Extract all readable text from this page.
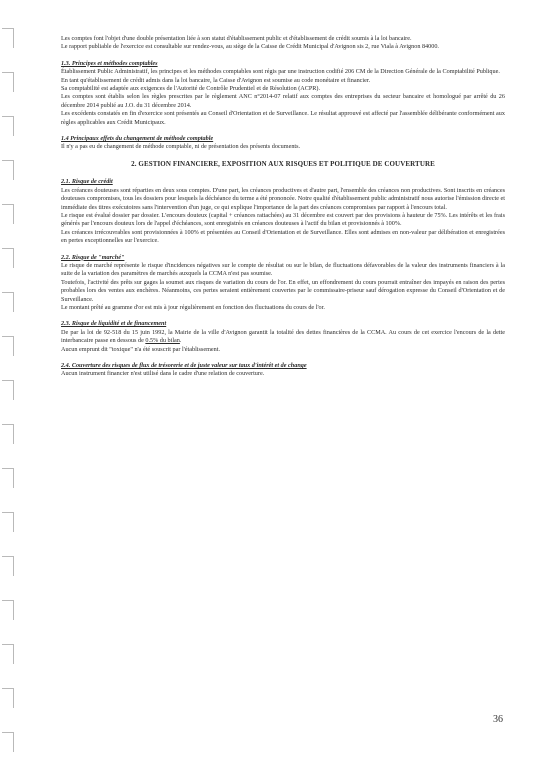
Les comptes font l'objet d'une double présentation liée à son statut d'établissement public et d'établissement de crédit soumis à la loi bancaire.

Le rapport publiable de l'exercice est consultable sur rendez-vous, au siège de la Caisse de Crédit Municipal d'Avignon sis 2, rue Viala à Avignon 84000.

1.3. Principes et méthodes comptables

Établissement Public Administratif, les principes et les méthodes comptables sont régis par une instruction codifié 206 CM de la Direction Générale de la Comptabilité Publique.

En tant qu'établissement de crédit admis dans la loi bancaire, la Caisse d'Avignon est soumise au code monétaire et financier.

Sa comptabilité est adaptée aux exigences de l'Autorité de Contrôle Prudentiel et de Résolution (ACPR).

Les comptes sont établis selon les règles prescrites par le règlement ANC n°2014-07 relatif aux comptes des entreprises du secteur bancaire et homologué par arrêté du 26 décembre 2014 publié au J.O. du 31 décembre 2014.

Les excédents constatés en fin d'exercice sont présentés au Conseil d'Orientation et de Surveillance. Le résultat approuvé est affecté par l'assemblée délibérante conformément aux règles applicables aux Crédit Municipaux.

1.4 Principaux effets du changement de méthode comptable

Il n'y a pas eu de changement de méthode comptable, ni de présentation des présents documents.

2. GESTION FINANCIERE, EXPOSITION AUX RISQUES ET POLITIQUE DE COUVERTURE

2.1. Risque de crédit

Les créances douteuses sont réparties en deux sous comptes. D'une part, les créances productives et d'autre part, l'ensemble des créances non productives. Sont inscrits en créances douteuses compromises, tous les dossiers pour lesquels la déchéance du terme a été prononcée. Notre qualité d'établissement public administratif nous autorise l'émission directe et immédiate des titres exécutoires sans l'intervention d'un juge, ce qui explique l'importance de la part des créances compromises par rapport à l'encours total.

Le risque est évalué dossier par dossier. L'encours douteux (capital + créances rattachées) au 31 décembre est couvert par des provisions à hauteur de 75%. Les intérêts et les frais générés par l'encours douteux lors de l'appel d'échéances, sont enregistrés en créances douteuses à l'actif du bilan et provisionnés à 100%.

Les créances irrécouvrables sont provisionnées à 100% et présentées au Conseil d'Orientation et de Surveillance. Elles sont admises en non-valeur par délibération et enregistrées en pertes exceptionnelles sur l'exercice.

2.2. Risque de "marché"

Le risque de marché représente le risque d'incidences négatives sur le compte de résultat ou sur le bilan, de fluctuations défavorables de la valeur des instruments financiers à la suite de la variation des paramètres de marchés auxquels la CCMA n'est pas soumise.

Toutefois, l'activité des prêts sur gages la soumet aux risques de variation du cours de l'or. En effet, un effondrement du cours pourrait entraîner des impayés en raison des pertes probables lors des ventes aux enchères. Néanmoins, ces pertes seraient entièrement couvertes par le commissaire-priseur sauf dérogation expresse du Conseil d'Orientation et de Surveillance.

Le montant prêté au gramme d'or est mis à jour régulièrement en fonction des fluctuations du cours de l'or.

2.3. Risque de liquidité et de financement

De par la loi de 92-518 du 15 juin 1992, la Mairie de la ville d'Avignon garantit la totalité des dettes financières de la CCMA. Au cours de cet exercice l'encours de la dette interbancaire passe en dessous de 0.5% du bilan.

Aucun emprunt dit "toxique" n'a été souscrit par l'établissement.

2.4. Couverture des risques de flux de trésorerie et de juste valeur sur taux d'intérêt et de change

Aucun instrument financier n'est utilisé dans le cadre d'une relation de couverture.

36
